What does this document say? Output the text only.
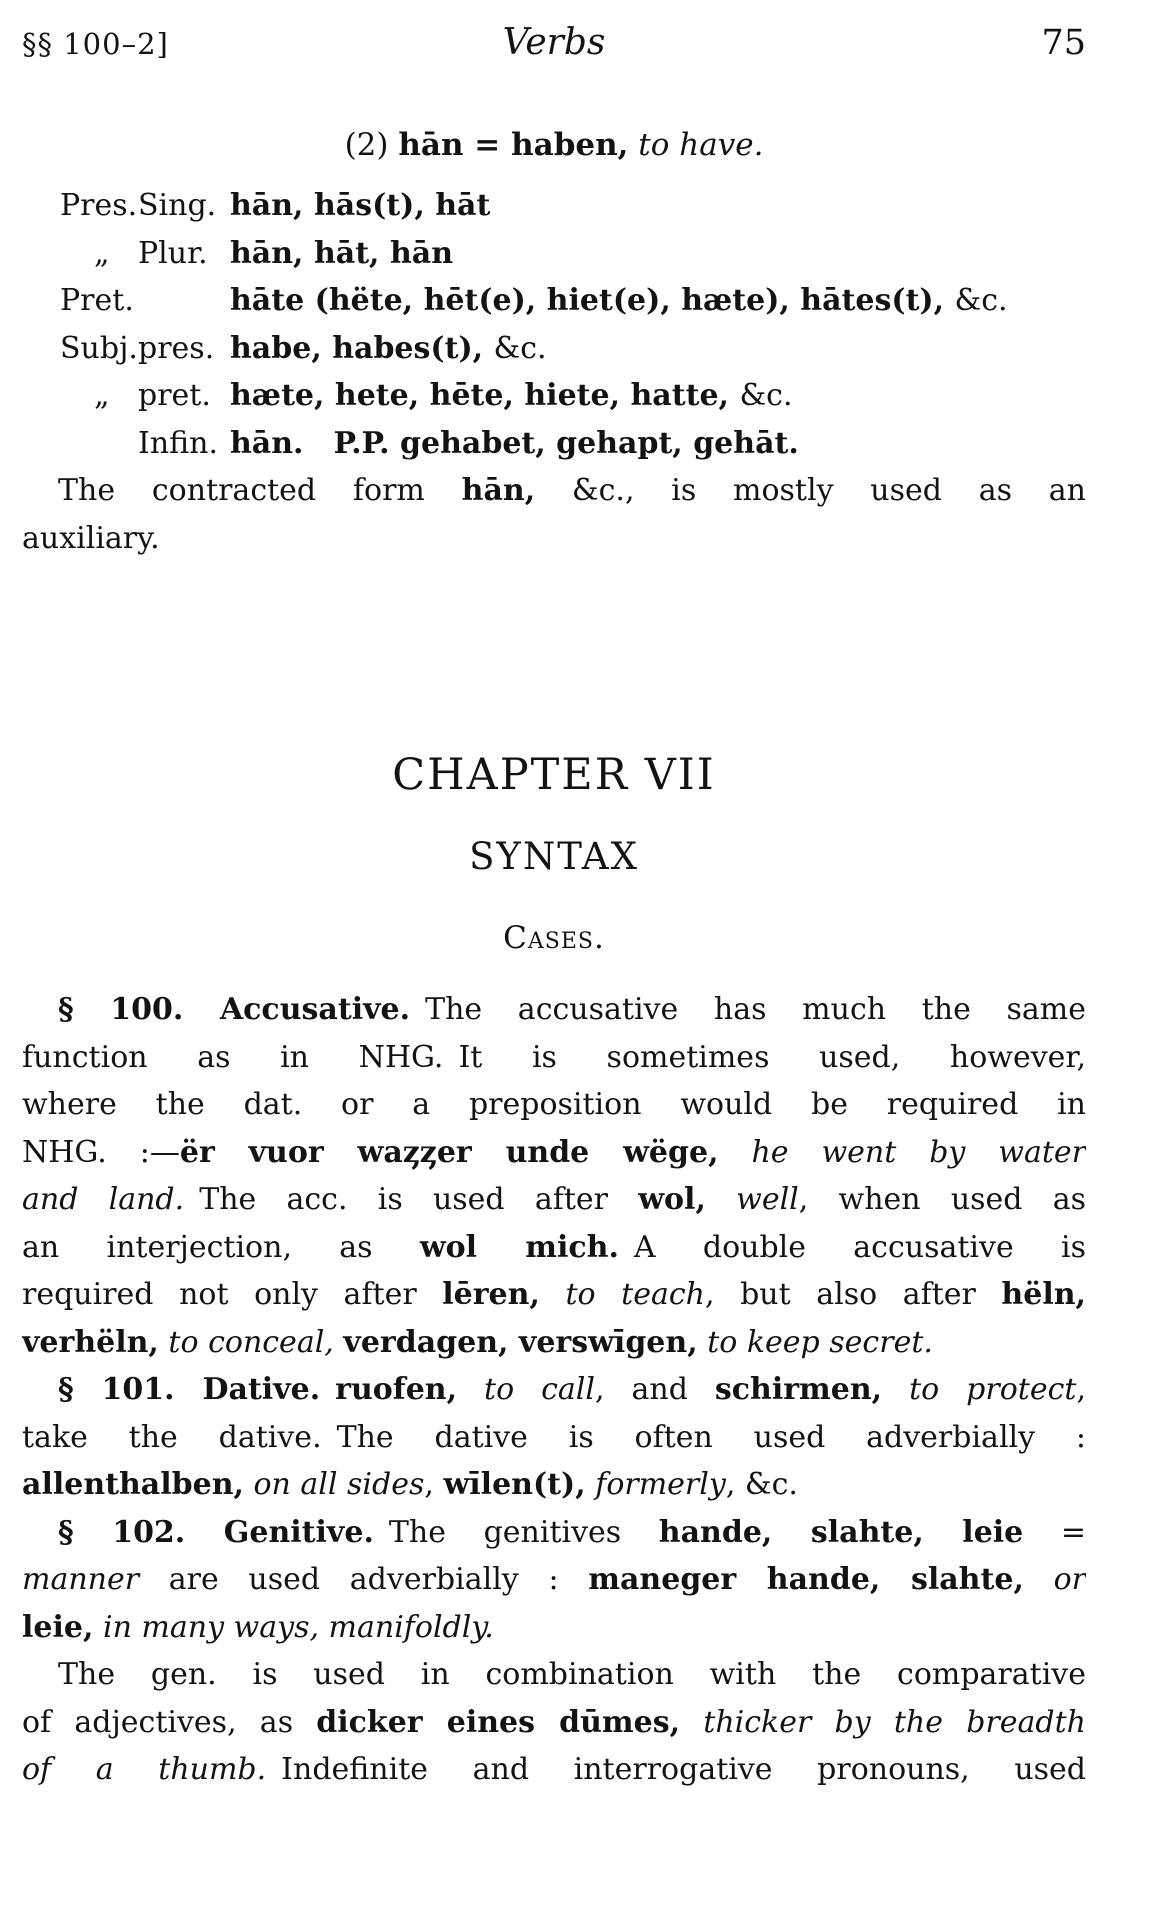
§§ 100–2]	Verbs	75
(2) hān = haben, to have.
Pres. Sing. hān, hās(t), hāt
„ Plur. hān, hāt, hān
Pret.	hāte (hëte, hēt(e), hiet(e), hæte), hātes(t), &c.
Subj. pres. habe, habes(t), &c.
„ pret. hæte, hete, hēte, hiete, hatte, &c.
Infin. hān.  P.P. gehabet, gehapt, gehāt.
The contracted form hān, &c., is mostly used as an
auxiliary.
CHAPTER VII
SYNTAX
Cases.
§ 100. Accusative. The accusative has much the same
function as in NHG. It is sometimes used, however,
where the dat. or a preposition would be required in
NHG. :—ër vuor waȥȥer unde wëge, he went by water
and land. The acc. is used after wol, well, when used as
an interjection, as wol mich. A double accusative is
required not only after lēren, to teach, but also after hëln,
verhëln, to conceal, verdagen, verswīgen, to keep secret.
§ 101. Dative.  ruofen, to call, and schirmen, to protect,
take the dative. The dative is often used adverbially :
allenthalben, on all sides, wīlen(t), formerly, &c.
§ 102. Genitive. The genitives hande, slahte, leie =
manner are used adverbially : maneger hande, slahte, or
leie, in many ways, manifoldly.
The gen. is used in combination with the comparative
of adjectives, as dicker eines dūmes, thicker by the breadth
of a thumb. Indefinite and interrogative pronouns, used
